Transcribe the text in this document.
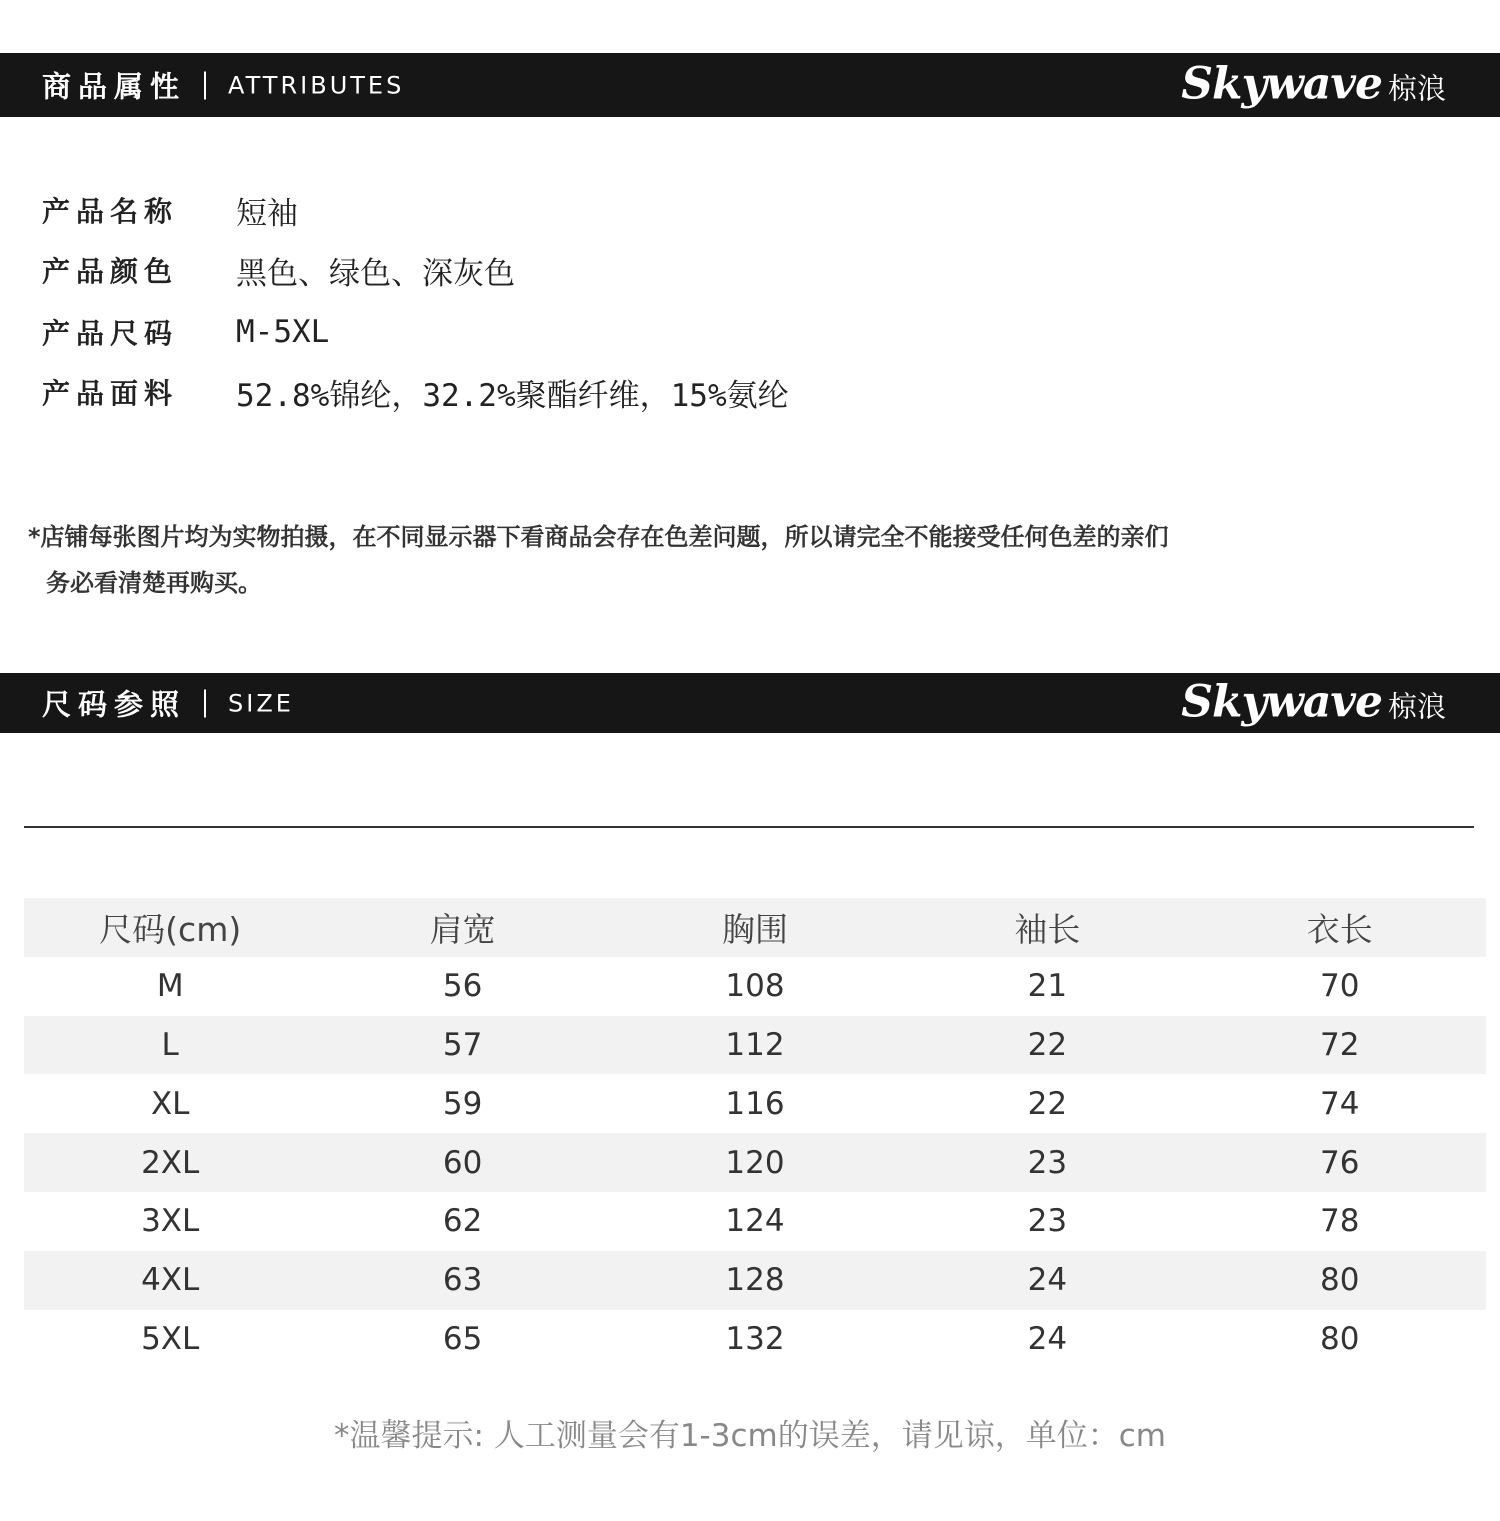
商品属性 ATTRIBUTES	Skywave 椋浪
产品名称	短袖
产品颜色	黑色、绿色、深灰色
产品尺码	M-5XL
产品面料	52.8%锦纶，32.2%聚酯纤维，15%氨纶
*店铺每张图片均为实物拍摄，在不同显示器下看商品会存在色差问题，所以请完全不能接受任何色差的亲们
务必看清楚再购买。
尺码参照 SIZE	Skywave 椋浪
尺码(cm)	肩宽	胸围	袖长	衣长
M	56	108	21	70
L	57	112	22	72
XL	59	116	22	74
2XL	60	120	23	76
3XL	62	124	23	78
4XL	63	128	24	80
5XL	65	132	24	80
*温馨提示: 人工测量会有1-3cm的误差，请见谅，单位：cm
